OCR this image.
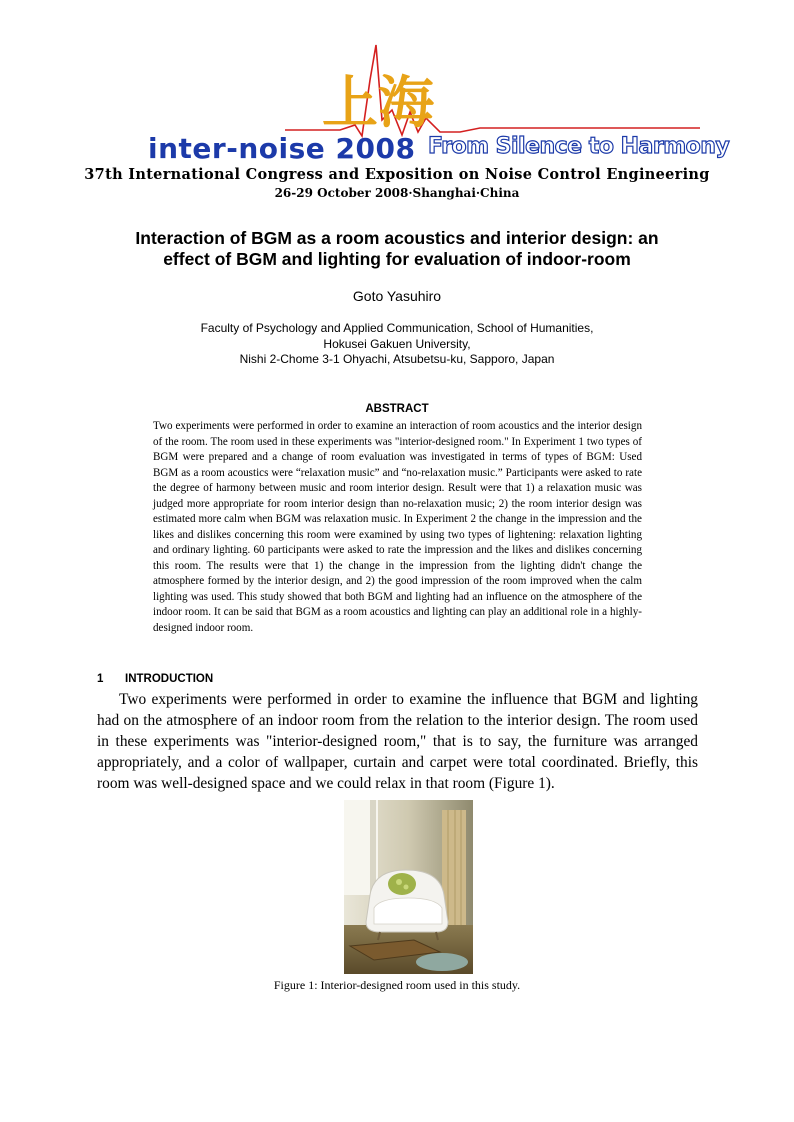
上海
inter-noise 2008 From Silence to Harmony
37th International Congress and Exposition on Noise Control Engineering
26-29 October 2008·Shanghai·China
Interaction of BGM as a room acoustics and interior design: an
effect of BGM and lighting for evaluation of indoor-room
Goto Yasuhiro
Faculty of Psychology and Applied Communication, School of Humanities,
Hokusei Gakuen University,
Nishi 2-Chome 3-1 Ohyachi, Atsubetsu-ku, Sapporo, Japan
ABSTRACT
Two experiments were performed in order to examine an interaction of room acoustics and the interior design of the room. The room used in these experiments was "interior-designed room." In Experiment 1 two types of BGM were prepared and a change of room evaluation was investigated in terms of types of BGM: Used BGM as a room acoustics were “relaxation music” and “no-relaxation music.” Participants were asked to rate the degree of harmony between music and room interior design. Result were that 1) a relaxation music was judged more appropriate for room interior design than no-relaxation music; 2) the room interior design was estimated more calm when BGM was relaxation music. In Experiment 2 the change in the impression and the likes and dislikes concerning this room were examined by using two types of lightening: relaxation lighting and ordinary lighting. 60 participants were asked to rate the impression and the likes and dislikes concerning this room. The results were that 1) the change in the impression from the lighting didn't change the atmosphere formed by the interior design, and 2) the good impression of the room improved when the calm lighting was used. This study showed that both BGM and lighting had an influence on the atmosphere of the indoor room. It can be said that BGM as a room acoustics and lighting can play an additional role in a highly-designed indoor room.
1 INTRODUCTION
Two experiments were performed in order to examine the influence that BGM and lighting had on the atmosphere of an indoor room from the relation to the interior design. The room used in these experiments was "interior-designed room," that is to say, the furniture was arranged appropriately, and a color of wallpaper, curtain and carpet were total coordinated. Briefly, this room was well-designed space and we could relax in that room (Figure 1).
Figure 1: Interior-designed room used in this study.
